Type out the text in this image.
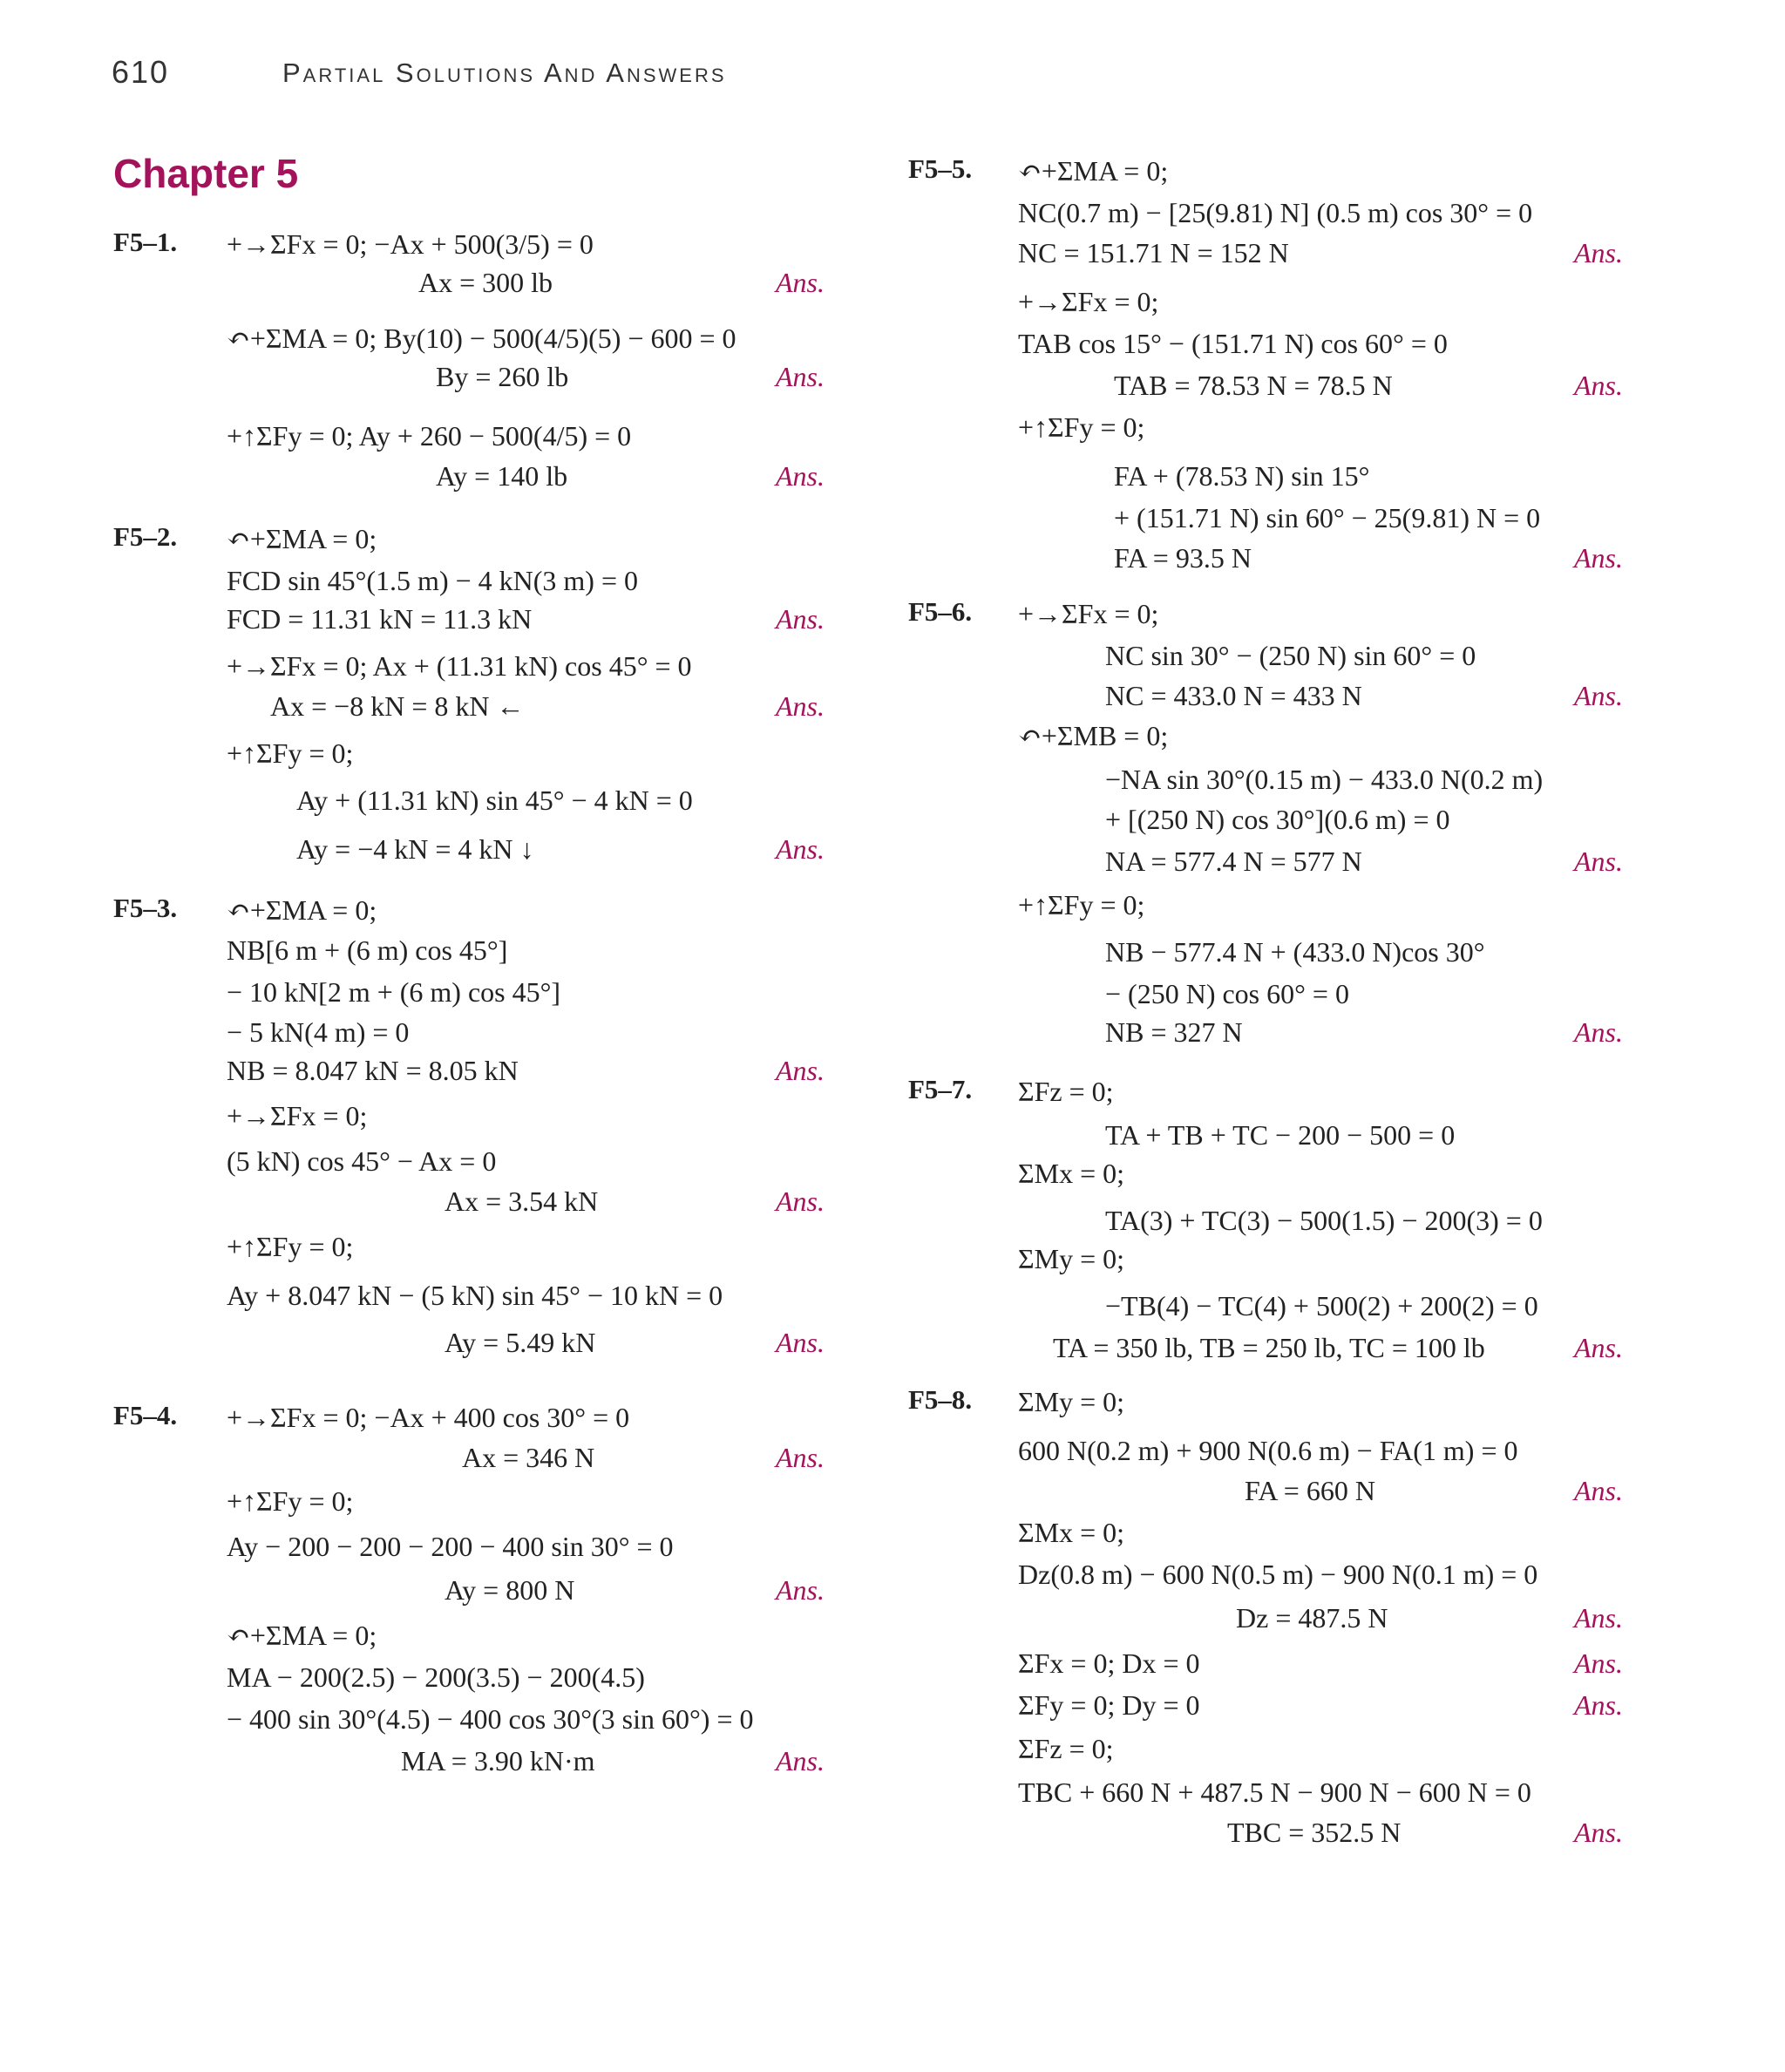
610	Partial Solutions And Answers
Chapter 5
F5–1. +→ΣFx = 0; −Ax + 500(3/5) = 0
Ax = 300 lb	Ans.
↶+ΣMA = 0; By(10) − 500(4/5)(5) − 600 = 0
By = 260 lb	Ans.
+↑ΣFy = 0; Ay + 260 − 500(4/5) = 0
Ay = 140 lb	Ans.
F5–2. ↶+ΣMA = 0;
FCD sin 45°(1.5 m) − 4 kN(3 m) = 0
FCD = 11.31 kN = 11.3 kN	Ans.
+→ΣFx = 0; Ax + (11.31 kN) cos 45° = 0
Ax = −8 kN = 8 kN ←	Ans.
+↑ΣFy = 0;
Ay + (11.31 kN) sin 45° − 4 kN = 0
Ay = −4 kN = 4 kN ↓	Ans.
F5–3. ↶+ΣMA = 0;
NB[6 m + (6 m) cos 45°]
− 10 kN[2 m + (6 m) cos 45°]
− 5 kN(4 m) = 0
NB = 8.047 kN = 8.05 kN	Ans.
+→ΣFx = 0;
(5 kN) cos 45° − Ax = 0
Ax = 3.54 kN	Ans.
+↑ΣFy = 0;
Ay + 8.047 kN − (5 kN) sin 45° − 10 kN = 0
Ay = 5.49 kN	Ans.
F5–4. +→ΣFx = 0; −Ax + 400 cos 30° = 0
Ax = 346 N	Ans.
+↑ΣFy = 0;
Ay − 200 − 200 − 200 − 400 sin 30° = 0
Ay = 800 N	Ans.
↶+ΣMA = 0;
MA − 200(2.5) − 200(3.5) − 200(4.5)
− 400 sin 30°(4.5) − 400 cos 30°(3 sin 60°) = 0
MA = 3.90 kN·m	Ans.
F5–5. ↶+ΣMA = 0;
NC(0.7 m) − [25(9.81) N] (0.5 m) cos 30° = 0
NC = 151.71 N = 152 N	Ans.
+→ΣFx = 0;
TAB cos 15° − (151.71 N) cos 60° = 0
TAB = 78.53 N = 78.5 N	Ans.
+↑ΣFy = 0;
FA + (78.53 N) sin 15°
+ (151.71 N) sin 60° − 25(9.81) N = 0
FA = 93.5 N	Ans.
F5–6. +→ΣFx = 0;
NC sin 30° − (250 N) sin 60° = 0
NC = 433.0 N = 433 N	Ans.
↶+ΣMB = 0;
−NA sin 30°(0.15 m) − 433.0 N(0.2 m)
+ [(250 N) cos 30°](0.6 m) = 0
NA = 577.4 N = 577 N	Ans.
+↑ΣFy = 0;
NB − 577.4 N + (433.0 N)cos 30°
− (250 N) cos 60° = 0
NB = 327 N	Ans.
F5–7. ΣFz = 0;
TA + TB + TC − 200 − 500 = 0
ΣMx = 0;
TA(3) + TC(3) − 500(1.5) − 200(3) = 0
ΣMy = 0;
−TB(4) − TC(4) + 500(2) + 200(2) = 0
TA = 350 lb, TB = 250 lb, TC = 100 lb	Ans.
F5–8. ΣMy = 0;
600 N(0.2 m) + 900 N(0.6 m) − FA(1 m) = 0
FA = 660 N	Ans.
ΣMx = 0;
Dz(0.8 m) − 600 N(0.5 m) − 900 N(0.1 m) = 0
Dz = 487.5 N	Ans.
ΣFx = 0; Dx = 0	Ans.
ΣFy = 0; Dy = 0	Ans.
ΣFz = 0;
TBC + 660 N + 487.5 N − 900 N − 600 N = 0
TBC = 352.5 N	Ans.
